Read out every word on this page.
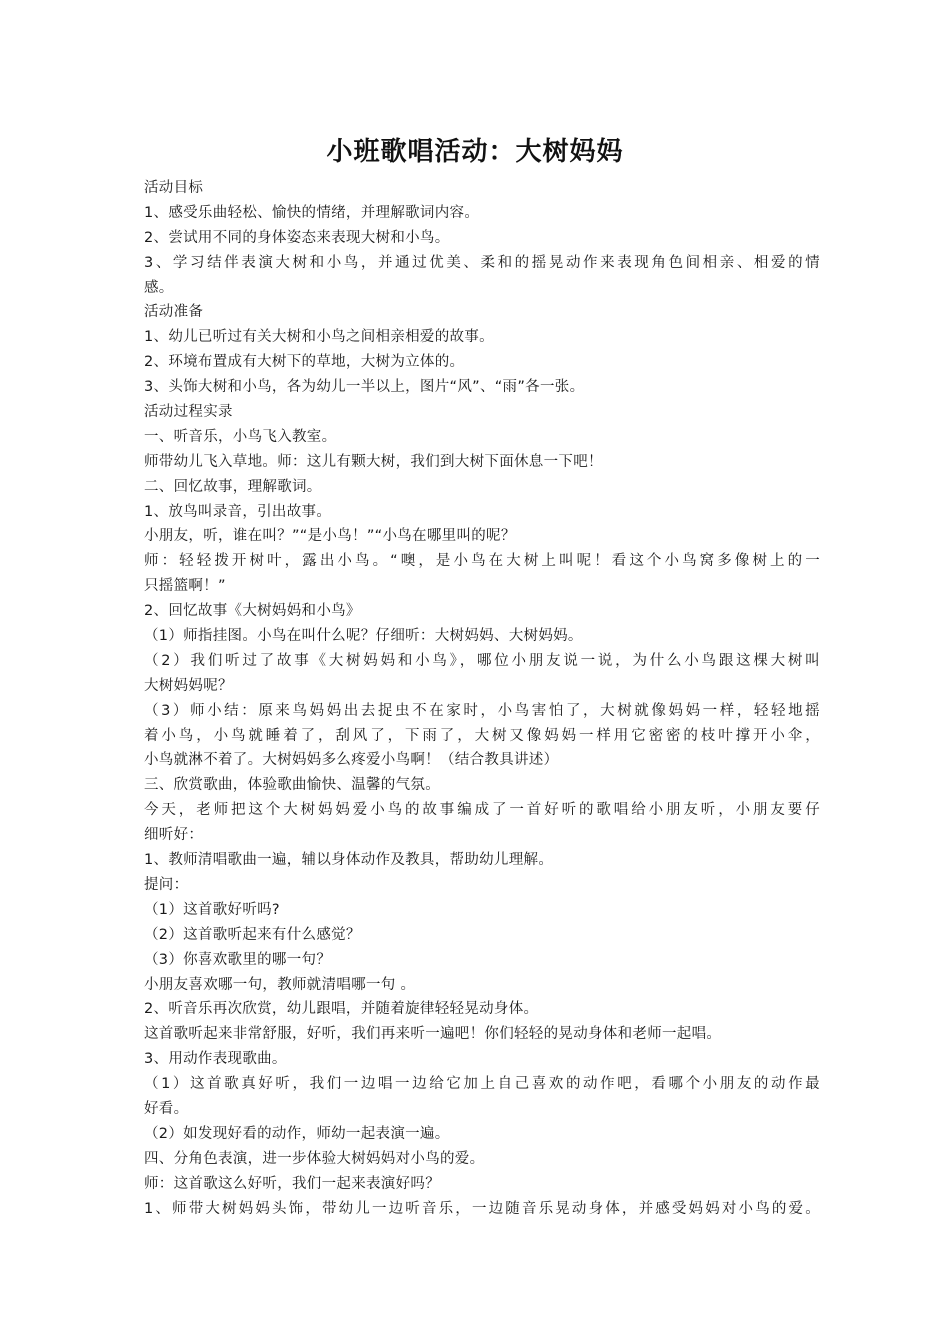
小班歌唱活动：大树妈妈
活动目标
1、感受乐曲轻松、愉快的情绪，并理解歌词内容。
2、尝试用不同的身体姿态来表现大树和小鸟。
3、学习结伴表演大树和小鸟，并通过优美、柔和的摇晃动作来表现角色间相亲、相爱的情
感。
活动准备
1、幼儿已听过有关大树和小鸟之间相亲相爱的故事。
2、环境布置成有大树下的草地，大树为立体的。
3、头饰大树和小鸟，各为幼儿一半以上，图片“风”、“雨”各一张。
活动过程实录
一、听音乐，小鸟飞入教室。
师带幼儿飞入草地。师：这儿有颗大树，我们到大树下面休息一下吧！
二、回忆故事，理解歌词。
1、放鸟叫录音，引出故事。
小朋友，听，谁在叫？”“是小鸟！”“小鸟在哪里叫的呢？
师：轻轻拨开树叶，露出小鸟。“噢，是小鸟在大树上叫呢！看这个小鸟窝多像树上的一
只摇篮啊！”
2、回忆故事《大树妈妈和小鸟》
（1）师指挂图。小鸟在叫什么呢？仔细听：大树妈妈、大树妈妈。
（2）我们听过了故事《大树妈妈和小鸟》，哪位小朋友说一说，为什么小鸟跟这棵大树叫
大树妈妈呢？
（3）师小结：原来鸟妈妈出去捉虫不在家时，小鸟害怕了，大树就像妈妈一样，轻轻地摇
着小鸟，小鸟就睡着了，刮风了，下雨了，大树又像妈妈一样用它密密的枝叶撑开小伞，
小鸟就淋不着了。大树妈妈多么疼爱小鸟啊！（结合教具讲述）
三、欣赏歌曲，体验歌曲愉快、温馨的气氛。
今天，老师把这个大树妈妈爱小鸟的故事编成了一首好听的歌唱给小朋友听，小朋友要仔
细听好：
1、教师清唱歌曲一遍，辅以身体动作及教具，帮助幼儿理解。
提问：
（1）这首歌好听吗?
（2）这首歌听起来有什么感觉？
（3）你喜欢歌里的哪一句？
小朋友喜欢哪一句，教师就清唱哪一句 。
2、听音乐再次欣赏，幼儿跟唱，并随着旋律轻轻晃动身体。
这首歌听起来非常舒服，好听，我们再来听一遍吧！你们轻轻的晃动身体和老师一起唱。
3、用动作表现歌曲。
（1）这首歌真好听，我们一边唱一边给它加上自己喜欢的动作吧，看哪个小朋友的动作最
好看。
（2）如发现好看的动作，师幼一起表演一遍。
四、分角色表演，进一步体验大树妈妈对小鸟的爱。
师：这首歌这么好听，我们一起来表演好吗？
1、师带大树妈妈头饰，带幼儿一边听音乐，一边随音乐晃动身体，并感受妈妈对小鸟的爱。
